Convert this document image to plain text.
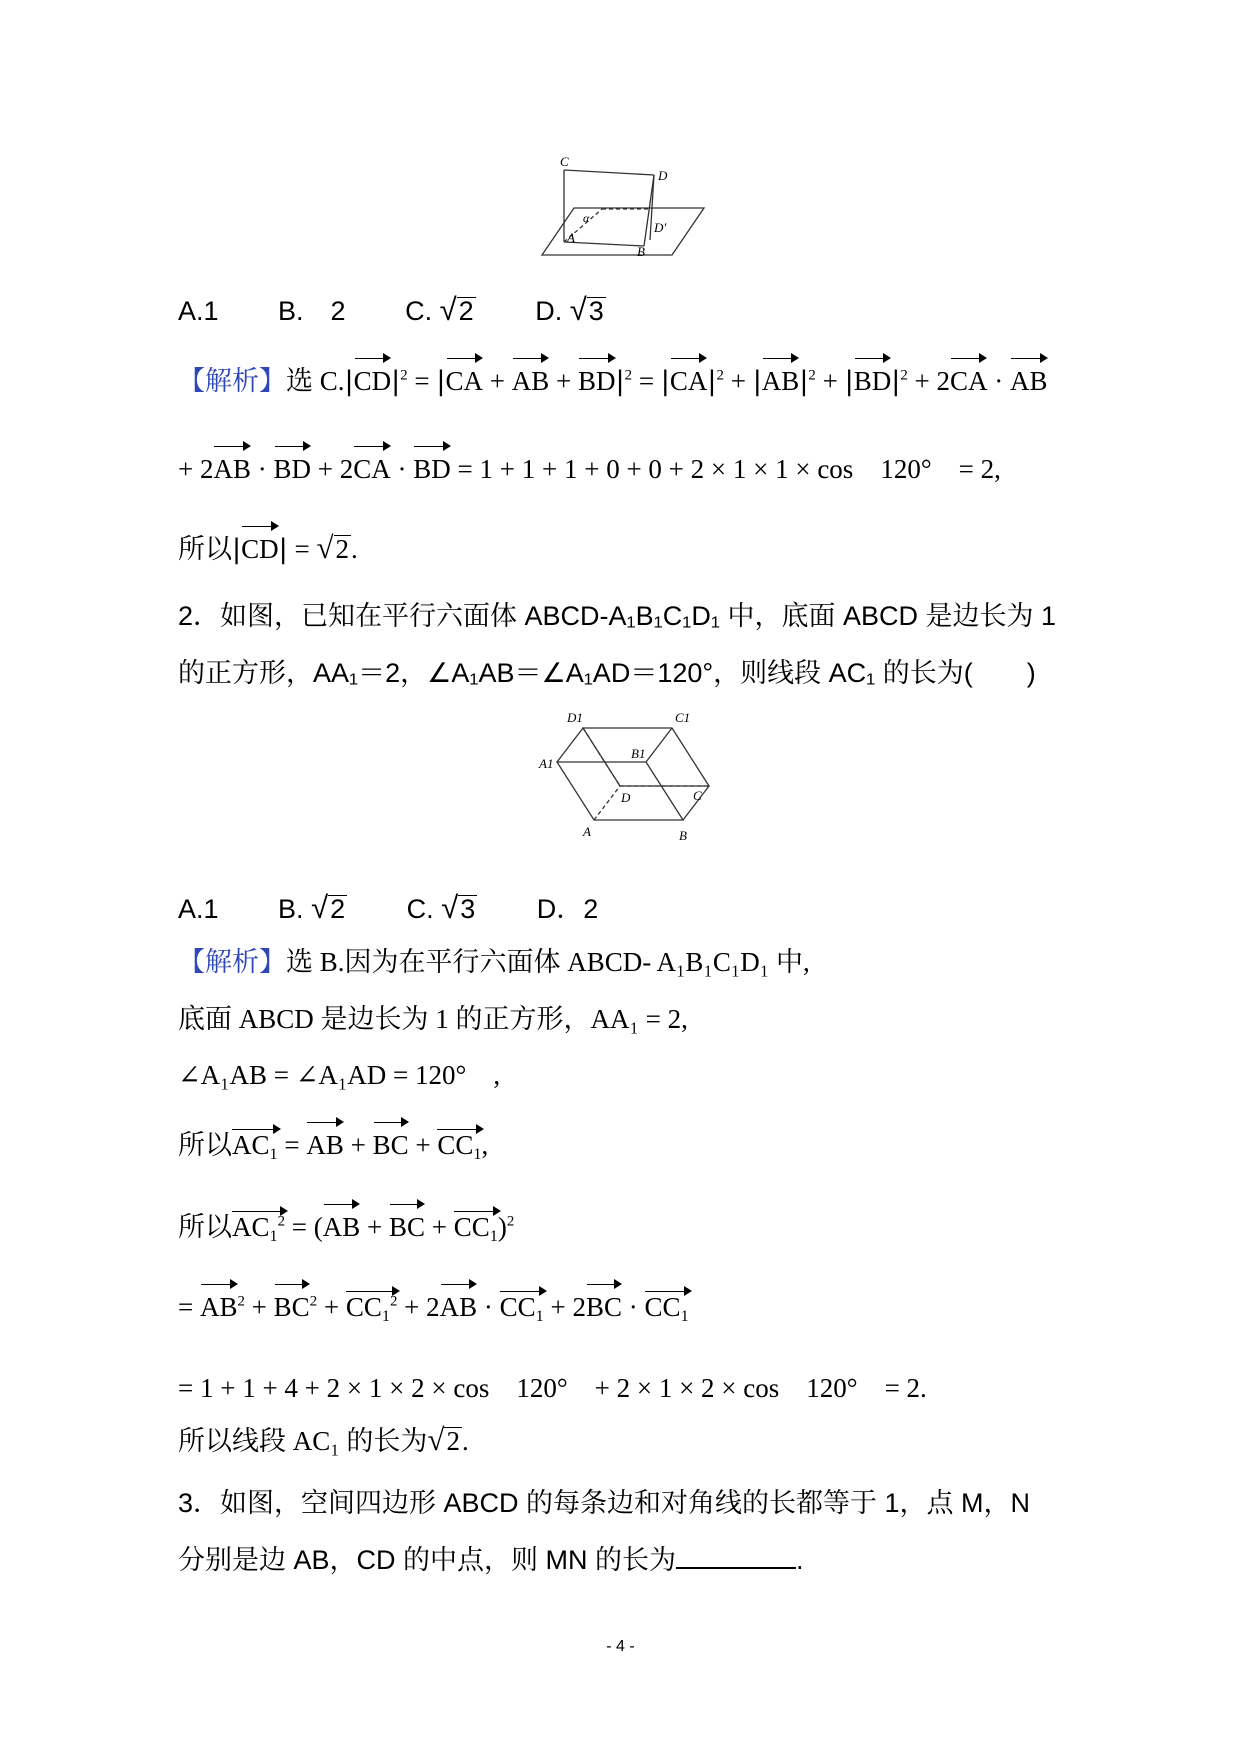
C
D
α
D′
A
B
A.1 B.　2 C. √2 D. √3
【解析】选 $C.|CD|^2 = |CA$ + AB + $BD|^2 = |CA|^2 + |AB|^2 + |BD|^2 + 2CA$ · AB
+ 2AB · BD + 2CA · BD = 1 + 1 + 1 + 0 + 0 + 2 × 1 × 1 × cos　120°　= 2,
所以|CD| = √2.
2．如图，已知在平行六面体 ABCD-A₁B₁C₁D₁ 中，底面 ABCD 是边长为 1
的正方形，AA₁＝2，∠A₁AB＝∠A₁AD＝120°，则线段 AC₁ 的长为(　　)
D1	C1
A1
B1
D	C
A	B
A.1 B. √2 C. √3 D．2
【解析】选 B.因为在平行六面体 ABCD- A₁B₁C₁D₁ 中,
底面 ABCD 是边长为 1 的正方形，AA₁ = 2,
∠A₁AB = ∠A₁AD = 120°　,
所以$AC_1$ = AB + BC + $CC_1$,
所以$AC_1^2 = (AB$ + BC + $CC_1)^2$
= $AB^2 + BC^2 + CC_1^2 + 2AB \cdot CC_1 + 2BC \cdot CC_1$
= 1 + 1 + 4 + 2 × 1 × 2 × cos　120°　+ 2 × 1 × 2 × cos　120°　= 2.
所以线段 AC₁ 的长为√2.
3．如图，空间四边形 ABCD 的每条边和对角线的长都等于 1，点 M，N
分别是边 AB，CD 的中点，则 MN 的长为	.
- 4 -
